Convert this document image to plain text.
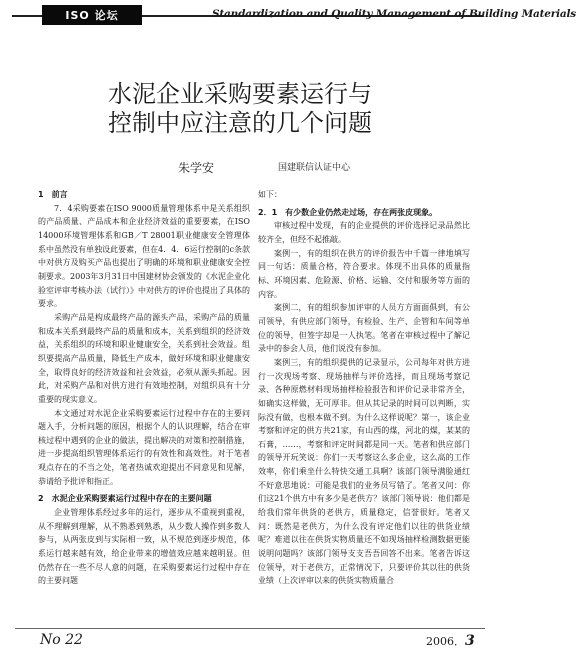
ISO 论坛	Standardization and Quality Management of Building Materials
水泥企业采购要素运行与
控制中应注意的几个问题
朱学安	国建联信认证中心
1　前言

7．4采购要素在ISO 9000质量管理体系中是关系组织的产品质量、产品成本和企业经济效益的重要要素，在ISO 14000环境管理体系和GB／T 28001职业健康安全管理体系中虽然没有单独设此要素，但在4．4．6运行控制的c条款中对供方及购买产品也提出了明确的环境和职业健康安全控制要求。2003年3月31日中国建材协会颁发的《水泥企业化验室评审考核办法（试行）》中对供方的评价也提出了具体的要求。

采购产品是构成最终产品的源头产品，采购产品的质量和成本关系到最终产品的质量和成本，关系到组织的经济效益，关系组织的环境和职业健康安全，关系到社会效益。组织要提高产品质量，降低生产成本，做好环境和职业健康安全，取得良好的经济效益和社会效益，必须从源头抓起。因此，对采购产品和对供方进行有效地控制，对组织具有十分重要的现实意义。

本文通过对水泥企业采购要素运行过程中存在的主要问题入手，分析问题的原因，根据个人的认识理解，结合在审核过程中遇到的企业的做法，提出解决的对策和控制措施，进一步提高组织管理体系运行的有效性和高效性。对于笔者观点存在的不当之处，笔者热诚欢迎提出不同意见和见解，恭请给予批评和指正。

2　水泥企业采购要素运行过程中存在的主要问题

企业管理体系经过多年的运行，逐步从不重视到重视，从不理解到理解，从不熟悉到熟悉，从少数人操作到多数人参与，从两张皮到与实际相一致，从不规范到逐步规范，体系运行越来越有效，给企业带来的增值效应越来越明显。但仍然存在一些不尽人意的问题，在采购要素运行过程中存在的主要问题

如下：

2．1　有少数企业仍然走过场，存在两张皮现象。

审核过程中发现，有的企业提供的评价选择记录品然比较齐全，但经不起推敲。

案例一，有的组织在供方的评价报告中千篇一律地填写同一句话：质量合格，符合要求。体现不出具体的质量指标、环境因素、危险源、价格、运输、交付和服务等方面的内容。

案例二，有的组织参加评审的人员方方面面俱到，有公司领导，有供应部门领导，有检验、生产、企管和车间等单位的领导，但签字却是一人执笔。笔者在审核过程中了解记录中的参会人员，他们说没有参加。

案例三，有的组织提供的记录显示，公司每年对供方进行一次现场考察、现场抽样与评价选择，而且现场考察记录、各种原燃材料现场抽样检验报告和评价记录非常齐全，如确实这样做，无可厚非。但从其记录的时间可以判断，实际没有做，也根本做不到。为什么这样说呢？第一，该企业考察和评定的供方共21家，有山西的煤，河北的煤，某某的石膏，……，考察和评定时间都是同一天。笔者和供应部门的领导开玩笑说：你们一天考察这么多企业，这么高的工作效率，你们乘坐什么特快交通工具啊？该部门领导满脸通红不好意思地说：可能是我们的业务员写错了。笔者又问：你们这21个供方中有多少是老供方？该部门领导说：他们都是给我们常年供货的老供方，质量稳定，信誉很好。笔者又问：既然是老供方，为什么没有评定他们以往的供货业绩呢？难道以往在供货实物质量还不如现场抽样检测数据更能说明问题吗？该部门领导支支吾吾回答不出来。笔者告诉这位领导，对于老供方，正常情况下，只要评价其以往的供货业绩（上次评审以来的供货实物质量合

No 22	2006．3
